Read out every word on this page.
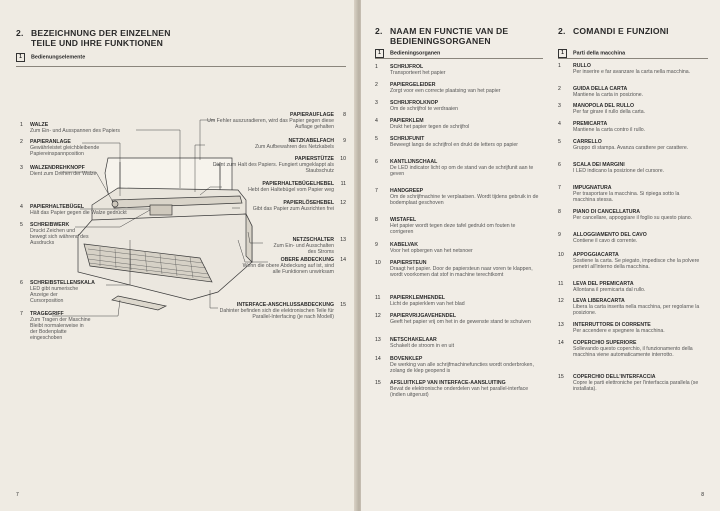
2. BEZEICHNUNG DER EINZELNEN
TEILE UND IHRE FUNKTIONEN
1 Bedienungselemente
1 WALZE
Zum Ein- und Ausspannen des Papiers
2 PAPIERANLAGE
Gewährleistet gleichbleibende Papiereinspannposition
3 WALZENDREHKNOPF
Dient zum Drehen der Walze
4 PAPIERHALTEBÜGEL
Hält das Papier gegen die Walze gedrückt
5 SCHREIBWERK
Druckt Zeichen und bewegt sich während des Ausdrucks
6 SCHREIBSTELLENSKALA
LED gibt numerische Anzeige der Cursorposition
7 TRAGEGRIFF
Zum Tragen der Maschine Bleibt normalerweise in der Bodenplatte eingeschoben
8
PAPIERAUFLAGE
Um Fehler auszuradieren, wird das Papier gegen diese Auflage gehalten
9
NETZKABELFACH
Zum Aufbewahren des Netzkabels
10
PAPIERSTÜTZE
Dient zum Halt des Papiers. Fungiert umgeklappt als Staubschutz
11
PAPIERHALTEBÜGELHEBEL
Hebt den Haltebügel vom Papier weg
12
PAPIERLÖSEHEBEL
Gibt das Papier zum Ausrichten frei
13
NETZSCHALTER
Zum Ein- und Ausschalten des Stroms
14
OBERE ABDECKUNG
Wenn die obere Abdeckung auf ist, sind alle Funktionen unwirksam
15
INTERFACE-ANSCHLUSSABDECKUNG
Dahinter befinden sich die elektronischen Teile für Parallel-Interfacing (je nach Modell)
7
2. NAAM EN FUNCTIE VAN DE
BEDIENINGSORGANEN
2. COMANDI E FUNZIONI
1 Bedieningsorganen	1 Parti della macchina
1 SCHRIJFROL
Transporteert het papier
2 PAPIERGELEIDER
Zorgt voor een correcte plaatsing van het papier
3 SCHRIJFROLKNOP
Om de schrijfrol te verdraaien
4 PAPIERKLEM
Drukt het papier tegen de schrijfrol
5 SCHRIJFUNIT
Beweegt langs de schrijfrol en drukt de letters op papier
6 KANTLIJNSCHAAL
De LED indicator licht op om de stand van de schrijfunit aan te geven
7 HANDGREEP
Om de schrijfmachine te verplaatsen. Wordt tijdens gebruik in de bodemplaat geschoven
8 WISTAFEL
Het papier wordt tegen deze tafel gedrukt om fouten te corrigeren
9 KABELVAK
Voor het opbergen van het netsnoer
10 PAPIERSTEUN
Draagt het papier. Door de papiersteun naar voren te klappen, wordt voorkomen dat stof in machine terechtkomt
11 PAPIERKLEMHENDEL
Licht de papierklem van het blad
12 PAPIERVRIJGAVEHENDEL
Geeft het papier vrij om het in de gewenste stand te schuiven
13 NETSCHAKELAAR
Schakelt de stroom in en uit
14 BOVENKLEP
De werking van alle schrijfmachinefuncties wordt onderbroken, zolang de klep geopend is
15 AFSLUITKLEP VAN INTERFACE-AANSLUITING
Bevat de elektronische onderdelen van het parallel-interface (indien uitgerust)
1 RULLO
Per inserire e far avanzare la carta nella macchina.
2 GUIDA DELLA CARTA
Mantiene la carta in posizione.
3 MANOPOLA DEL RULLO
Per far girare il rullo della carta.
4 PREMICARTA
Mantiene la carta contro il rullo.
5 CARRELLO
Gruppo di stampa. Avanza carattere per carattere.
6 SCALA DEI MARGINI
I LED indicano la posizione del cursore.
7 IMPUGNATURA
Per trasportare la macchina. Si ripiega sotto la macchina stessa.
8 PIANO DI CANCELLATURA
Per cancellare, appoggiare il foglio su questo piano.
9 ALLOGGIAMENTO DEL CAVO
Contiene il cavo di corrente.
10 APPOGGIACARTA
Sostiene la carta. Se piegato, impedisce che la polvere penetri all'interno della macchina.
11 LEVA DEL PREMICARTA
Allontana il premicarta dal rullo.
12 LEVA LIBERACARTA
Libera la carta inserita nella macchina, per regolarne la posizione.
13 INTERRUTTORE DI CORRENTE
Per accendere e spegnere la macchina.
14 COPERCHIO SUPERIORE
Sollevando questo coperchio, il funzionamento della macchina viene automaticamente interrotto.
15 COPERCHIO DELL'INTERFACCIA
Copre le parti elettroniche per l'interfaccia parallela (se installata).
8
